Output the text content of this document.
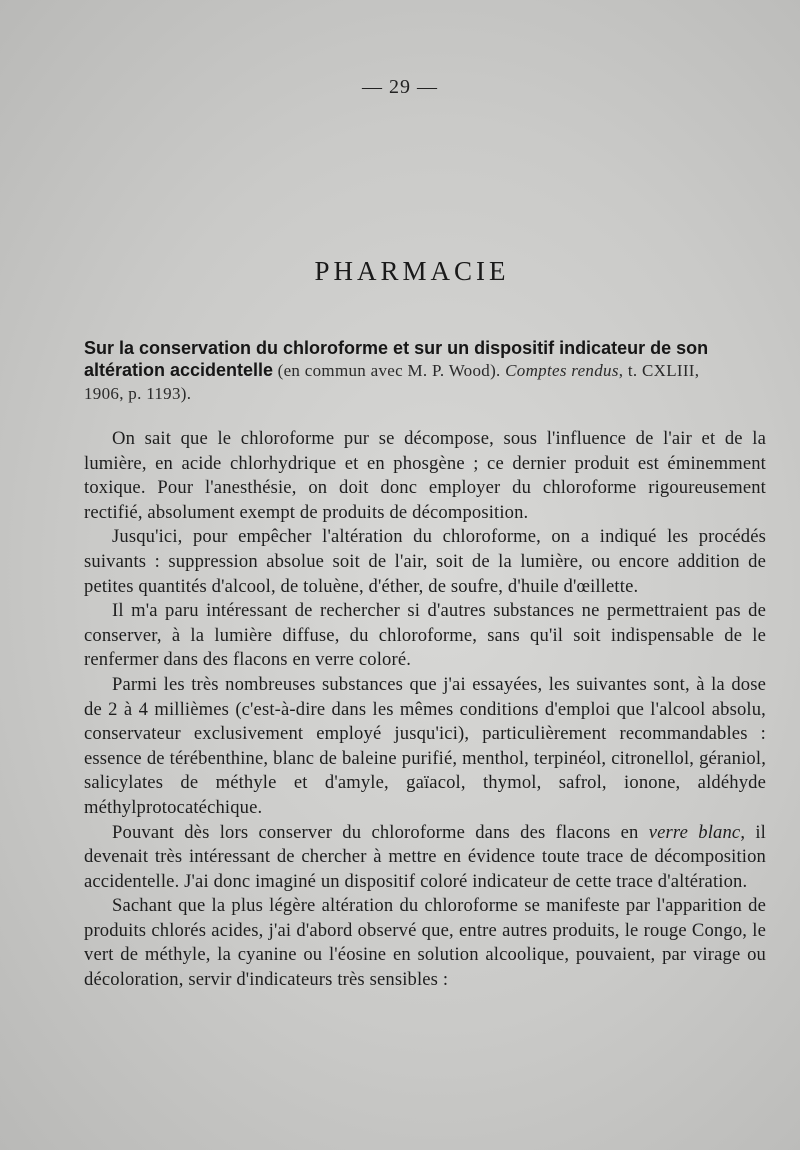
— 29 —
PHARMACIE
Sur la conservation du chloroforme et sur un dispositif indicateur de son altération accidentelle (en commun avec M. P. Wood). Comptes rendus, t. CXLIII, 1906, p. 1193).

On sait que le chloroforme pur se décompose, sous l'influence de l'air et de la lumière, en acide chlorhydrique et en phosgène ; ce dernier produit est éminemment toxique. Pour l'anesthésie, on doit donc employer du chloroforme rigoureusement rectifié, absolument exempt de produits de décomposition.

Jusqu'ici, pour empêcher l'altération du chloroforme, on a indiqué les procédés suivants : suppression absolue soit de l'air, soit de la lumière, ou encore addition de petites quantités d'alcool, de toluène, d'éther, de soufre, d'huile d'œillette.

Il m'a paru intéressant de rechercher si d'autres substances ne permettraient pas de conserver, à la lumière diffuse, du chloroforme, sans qu'il soit indispensable de le renfermer dans des flacons en verre coloré.

Parmi les très nombreuses substances que j'ai essayées, les suivantes sont, à la dose de 2 à 4 millièmes (c'est-à-dire dans les mêmes conditions d'emploi que l'alcool absolu, conservateur exclusivement employé jusqu'ici), particulièrement recommandables : essence de térébenthine, blanc de baleine purifié, menthol, terpinéol, citronellol, géraniol, salicylates de méthyle et d'amyle, gaïacol, thymol, safrol, ionone, aldéhyde méthylprotocatéchique.

Pouvant dès lors conserver du chloroforme dans des flacons en verre blanc, il devenait très intéressant de chercher à mettre en évidence toute trace de décomposition accidentelle. J'ai donc imaginé un dispositif coloré indicateur de cette trace d'altération.

Sachant que la plus légère altération du chloroforme se manifeste par l'apparition de produits chlorés acides, j'ai d'abord observé que, entre autres produits, le rouge Congo, le vert de méthyle, la cyanine ou l'éosine en solution alcoolique, pouvaient, par virage ou décoloration, servir d'indicateurs très sensibles :
